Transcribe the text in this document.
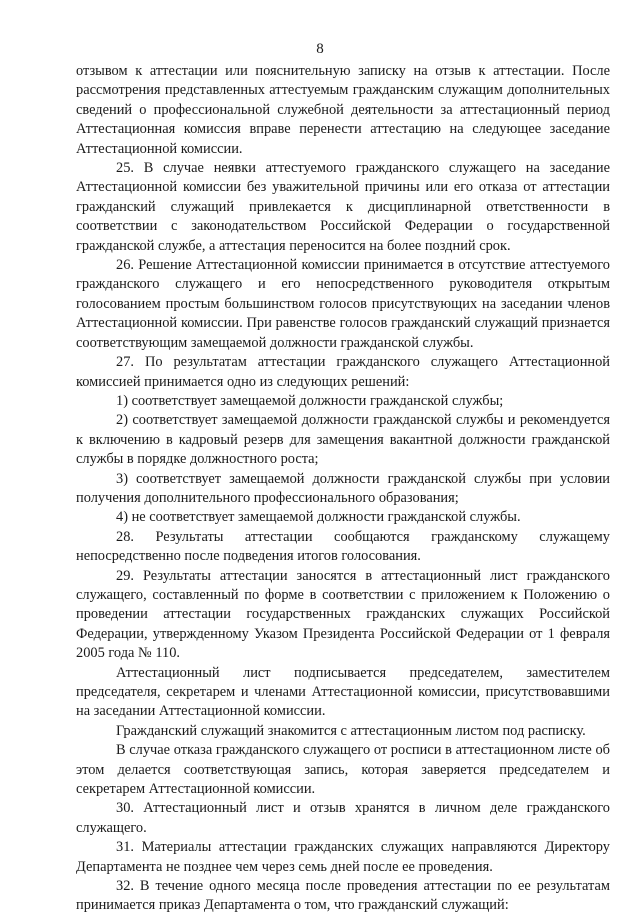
8

отзывом к аттестации или пояснительную записку на отзыв к аттестации. После рассмотрения представленных аттестуемым гражданским служащим дополнительных сведений о профессиональной служебной деятельности за аттестационный период Аттестационная комиссия вправе перенести аттестацию на следующее заседание Аттестационной комиссии.

25. В случае неявки аттестуемого гражданского служащего на заседание Аттестационной комиссии без уважительной причины или его отказа от аттестации гражданский служащий привлекается к дисциплинарной ответственности в соответствии с законодательством Российской Федерации о государственной гражданской службе, а аттестация переносится на более поздний срок.

26. Решение Аттестационной комиссии принимается в отсутствие аттестуемого гражданского служащего и его непосредственного руководителя открытым голосованием простым большинством голосов присутствующих на заседании членов Аттестационной комиссии. При равенстве голосов гражданский служащий признается соответствующим замещаемой должности гражданской службы.

27. По результатам аттестации гражданского служащего Аттестационной комиссией принимается одно из следующих решений:

1) соответствует замещаемой должности гражданской службы;

2) соответствует замещаемой должности гражданской службы и рекомендуется к включению в кадровый резерв для замещения вакантной должности гражданской службы в порядке должностного роста;

3) соответствует замещаемой должности гражданской службы при условии получения дополнительного профессионального образования;

4) не соответствует замещаемой должности гражданской службы.

28. Результаты аттестации сообщаются гражданскому служащему непосредственно после подведения итогов голосования.

29. Результаты аттестации заносятся в аттестационный лист гражданского служащего, составленный по форме в соответствии с приложением к Положению о проведении аттестации государственных гражданских служащих Российской Федерации, утвержденному Указом Президента Российской Федерации от 1 февраля 2005 года № 110.

Аттестационный лист подписывается председателем, заместителем председателя, секретарем и членами Аттестационной комиссии, присутствовавшими на заседании Аттестационной комиссии.

Гражданский служащий знакомится с аттестационным листом под расписку.

В случае отказа гражданского служащего от росписи в аттестационном листе об этом делается соответствующая запись, которая заверяется председателем и секретарем Аттестационной комиссии.

30. Аттестационный лист и отзыв хранятся в личном деле гражданского служащего.

31. Материалы аттестации гражданских служащих направляются Директору Департамента не позднее чем через семь дней после ее проведения.

32. В течение одного месяца после проведения аттестации по ее результатам принимается приказ Департамента о том, что гражданский служащий:
